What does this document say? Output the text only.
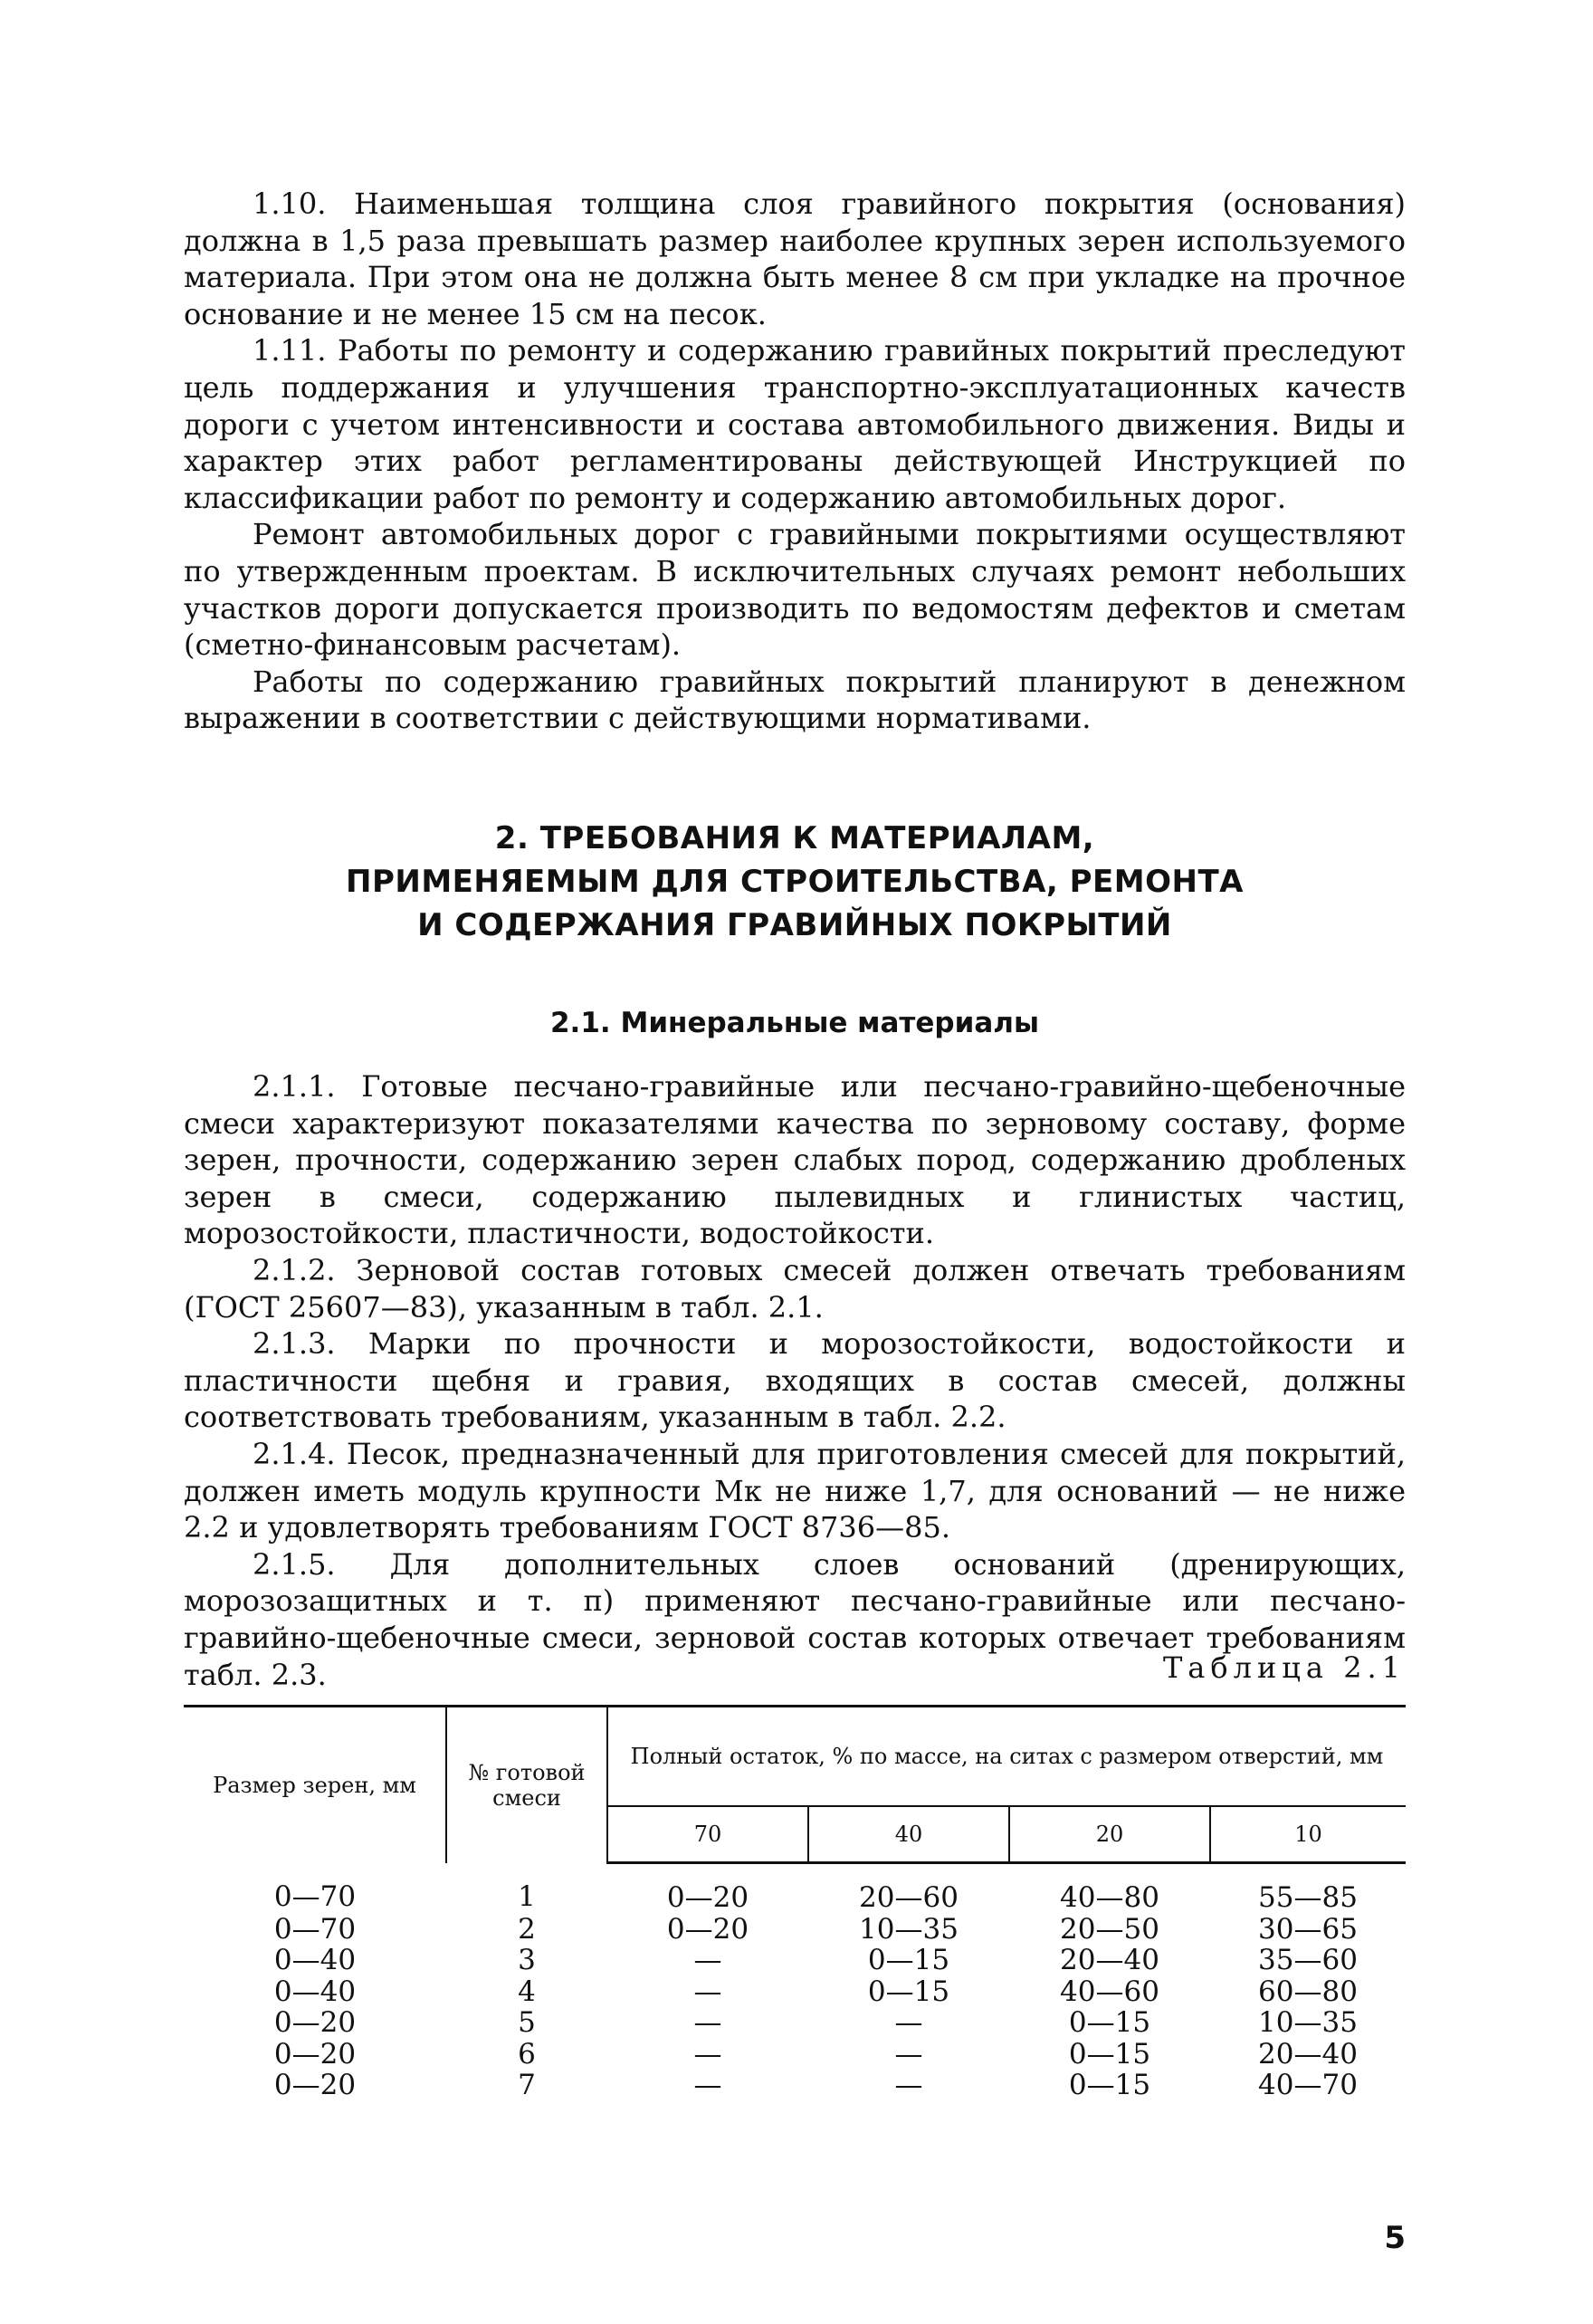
1.10. Наименьшая толщина слоя гравийного покрытия (основания) должна в 1,5 раза превышать размер наиболее крупных зерен используемого материала. При этом она не должна быть менее 8 см при укладке на прочное основание и не менее 15 см на песок.

1.11. Работы по ремонту и содержанию гравийных покрытий преследуют цель поддержания и улучшения транспортно-эксплуатационных качеств дороги с учетом интенсивности и состава автомобильного движения. Виды и характер этих работ регламентированы действующей Инструкцией по классификации работ по ремонту и содержанию автомобильных дорог.

Ремонт автомобильных дорог с гравийными покрытиями осуществляют по утвержденным проектам. В исключительных случаях ремонт небольших участков дороги допускается производить по ведомостям дефектов и сметам (сметно-финансовым расчетам).

Работы по содержанию гравийных покрытий планируют в денежном выражении в соответствии с действующими нормативами.

2. ТРЕБОВАНИЯ К МАТЕРИАЛАМ,
ПРИМЕНЯЕМЫМ ДЛЯ СТРОИТЕЛЬСТВА, РЕМОНТА
И СОДЕРЖАНИЯ ГРАВИЙНЫХ ПОКРЫТИЙ
2.1. Минеральные материалы

2.1.1. Готовые песчано-гравийные или песчано-гравийно-щебеночные смеси характеризуют показателями качества по зерновому составу, форме зерен, прочности, содержанию зерен слабых пород, содержанию дробленых зерен в смеси, содержанию пылевидных и глинистых частиц, морозостойкости, пластичности, водостойкости.

2.1.2. Зерновой состав готовых смесей должен отвечать требованиям (ГОСТ 25607—83), указанным в табл. 2.1.

2.1.3. Марки по прочности и морозостойкости, водостойкости и пластичности щебня и гравия, входящих в состав смесей, должны соответствовать требованиям, указанным в табл. 2.2.

2.1.4. Песок, предназначенный для приготовления смесей для покрытий, должен иметь модуль крупности Мк не ниже 1,7, для оснований — не ниже 2.2 и удовлетворять требованиям ГОСТ 8736—85.

2.1.5. Для дополнительных слоев оснований (дренирующих, морозозащитных и т. п) применяют песчано-гравийные или песчано-гравийно-щебеночные смеси, зерновой состав которых отвечает требованиям табл. 2.3.	Таблица 2.1
Размер зерен, мм	№ готовой смеси	Полный остаток, % по массе, на ситах с размером отверстий, мм			
		70	40	20	10
0—70	1	0—20	20—60	40—80	55—85
0—70	2	0—20	10—35	20—50	30—65
0—40	3	—	0—15	20—40	35—60
0—40	4	—	0—15	40—60	60—80
0—20	5	—	—	0—15	10—35
0—20	6	—	—	0—15	20—40
0—20	7	—	—	0—15	40—70
5
